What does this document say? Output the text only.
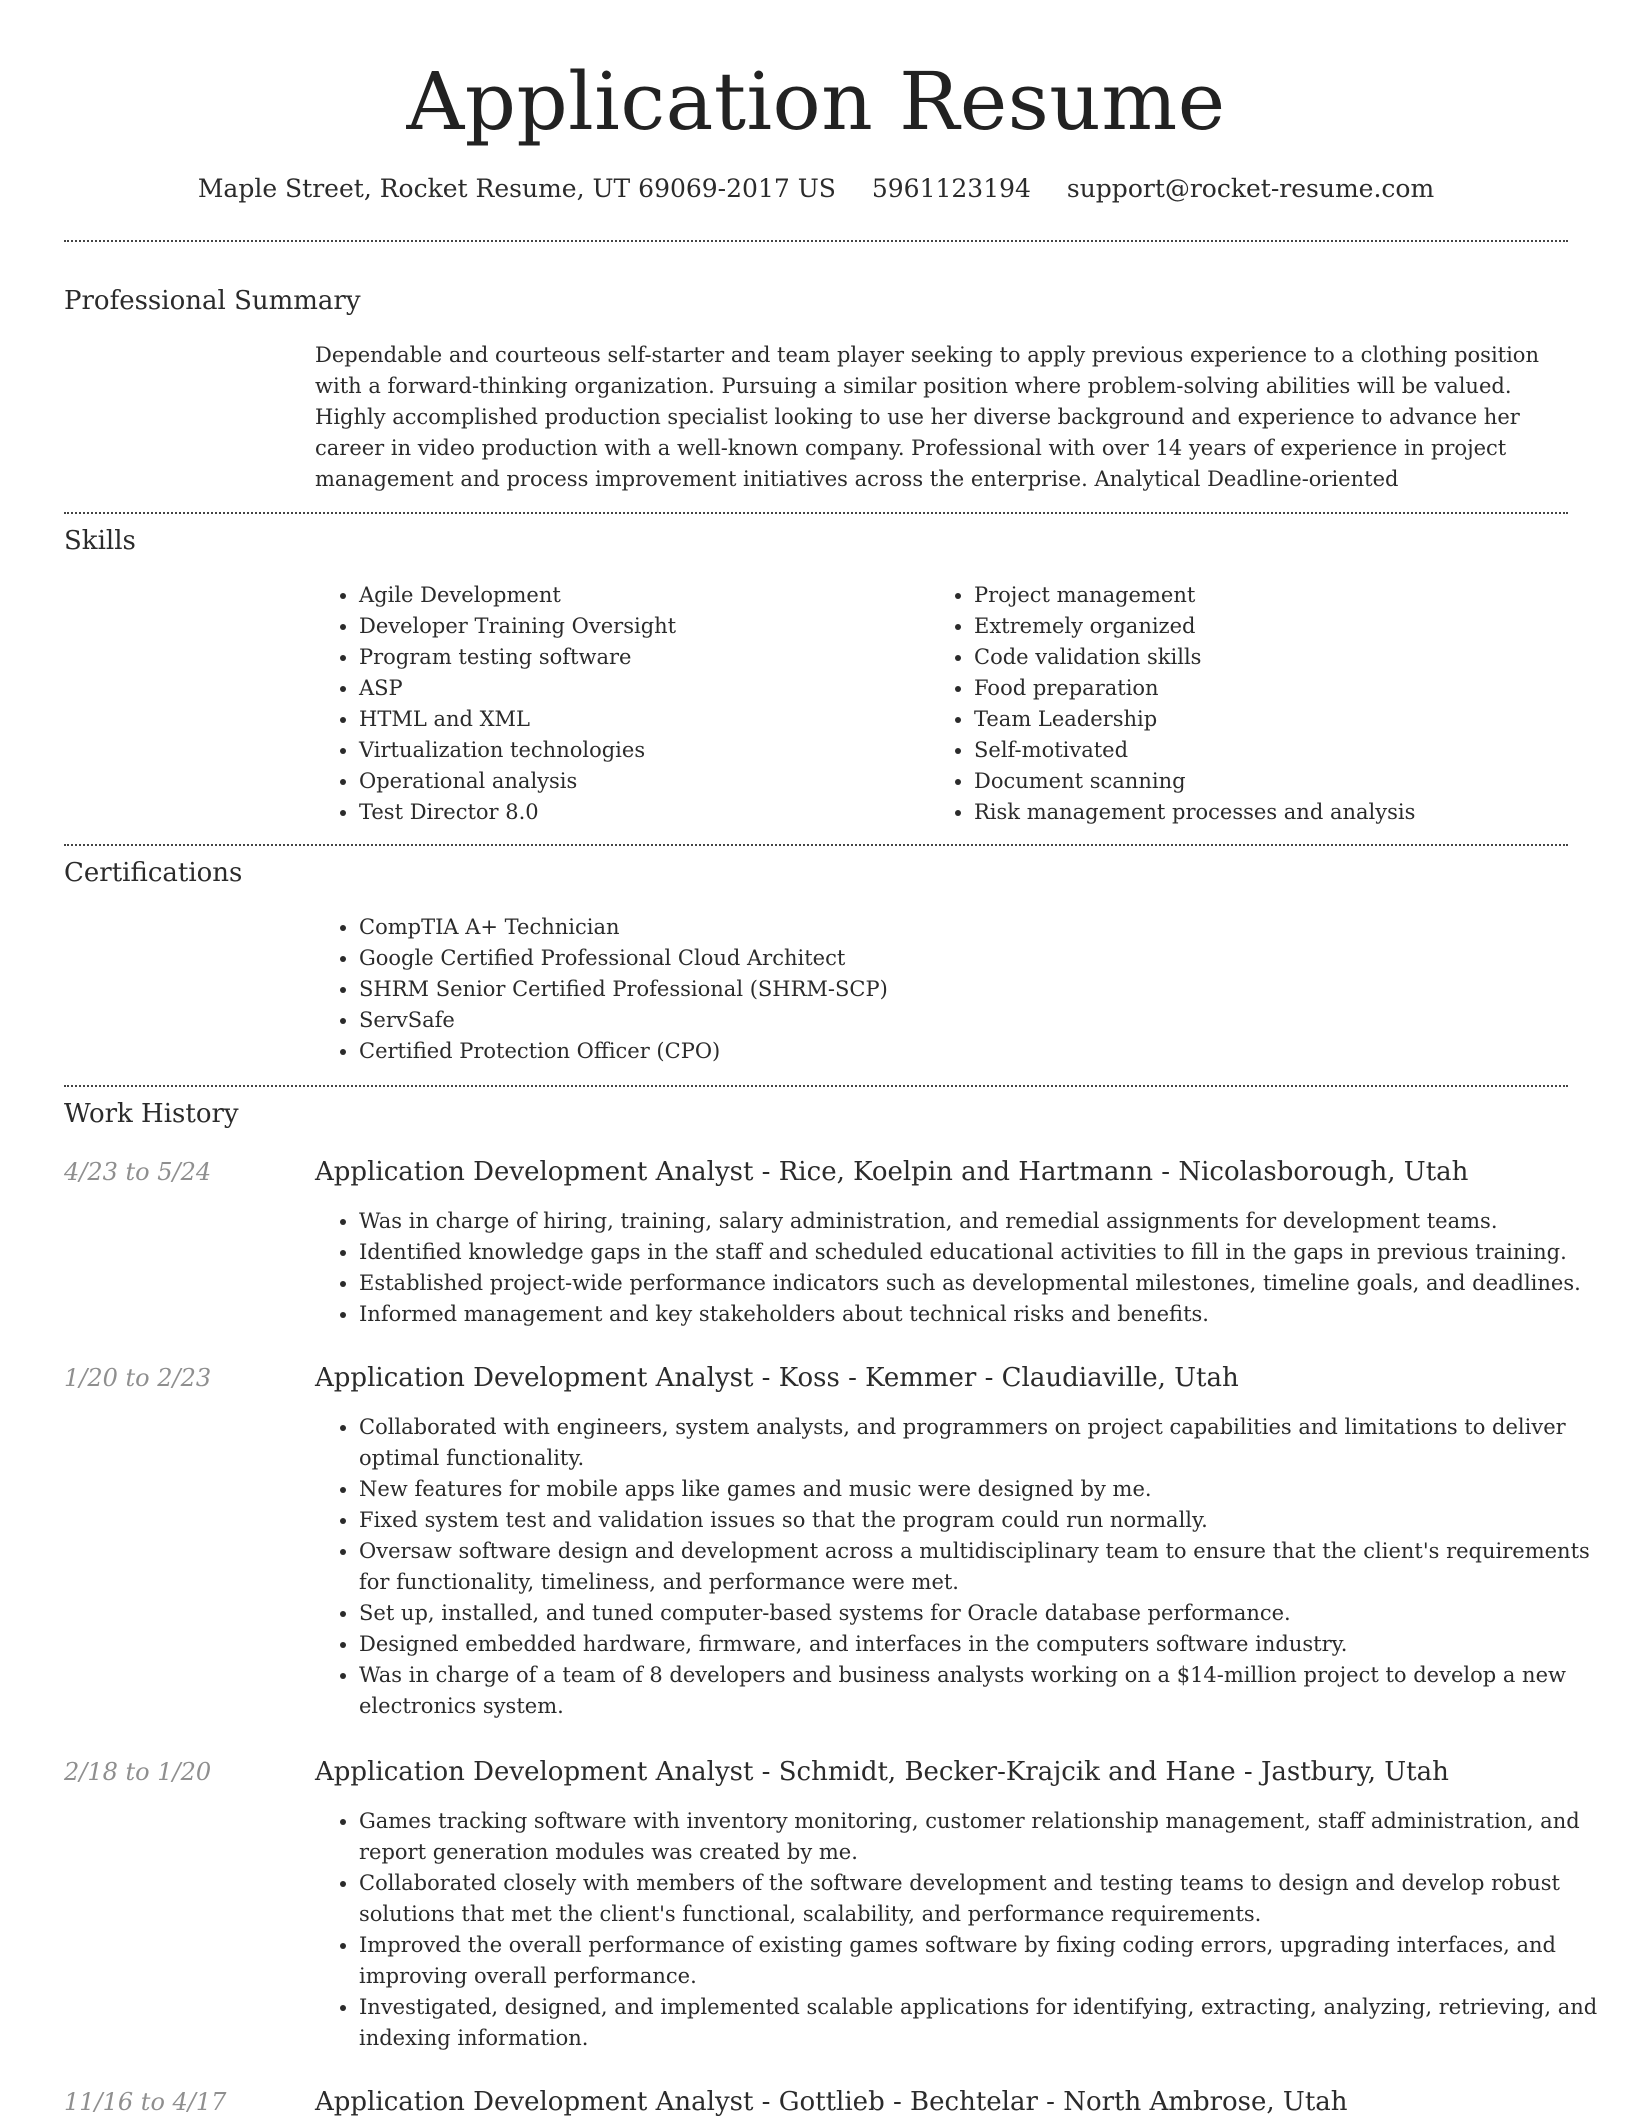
Application Resume
Maple Street, Rocket Resume, UT 69069-2017 US 5961123194 support@rocket-resume.com
Professional Summary

Dependable and courteous self-starter and team player seeking to apply previous experience to a clothing position with a forward-thinking organization. Pursuing a similar position where problem-solving abilities will be valued. Highly accomplished production specialist looking to use her diverse background and experience to advance her career in video production with a well-known company. Professional with over 14 years of experience in project management and process improvement initiatives across the enterprise. Analytical Deadline-oriented

Skills
• Agile Development
• Developer Training Oversight
• Program testing software
• ASP
• HTML and XML
• Virtualization technologies
• Operational analysis
• Test Director 8.0
• Project management
• Extremely organized
• Code validation skills
• Food preparation
• Team Leadership
• Self-motivated
• Document scanning
• Risk management processes and analysis
Certifications
• CompTIA A+ Technician
• Google Certified Professional Cloud Architect
• SHRM Senior Certified Professional (SHRM-SCP)
• ServSafe
• Certified Protection Officer (CPO)
Work History
4/23 to 5/24	Application Development Analyst - Rice, Koelpin and Hartmann - Nicolasborough, Utah
• Was in charge of hiring, training, salary administration, and remedial assignments for development teams.
• Identified knowledge gaps in the staff and scheduled educational activities to fill in the gaps in previous training.
• Established project-wide performance indicators such as developmental milestones, timeline goals, and deadlines.
• Informed management and key stakeholders about technical risks and benefits.
1/20 to 2/23	Application Development Analyst - Koss - Kemmer - Claudiaville, Utah
• Collaborated with engineers, system analysts, and programmers on project capabilities and limitations to deliver optimal functionality.
• New features for mobile apps like games and music were designed by me.
• Fixed system test and validation issues so that the program could run normally.
• Oversaw software design and development across a multidisciplinary team to ensure that the client's requirements for functionality, timeliness, and performance were met.
• Set up, installed, and tuned computer-based systems for Oracle database performance.
• Designed embedded hardware, firmware, and interfaces in the computers software industry.
• Was in charge of a team of 8 developers and business analysts working on a $14-million project to develop a new electronics system.
2/18 to 1/20	Application Development Analyst - Schmidt, Becker-Krajcik and Hane - Jastbury, Utah
• Games tracking software with inventory monitoring, customer relationship management, staff administration, and report generation modules was created by me.
• Collaborated closely with members of the software development and testing teams to design and develop robust solutions that met the client's functional, scalability, and performance requirements.
• Improved the overall performance of existing games software by fixing coding errors, upgrading interfaces, and improving overall performance.
• Investigated, designed, and implemented scalable applications for identifying, extracting, analyzing, retrieving, and indexing information.
11/16 to 4/17	Application Development Analyst - Gottlieb - Bechtelar - North Ambrose, Utah
